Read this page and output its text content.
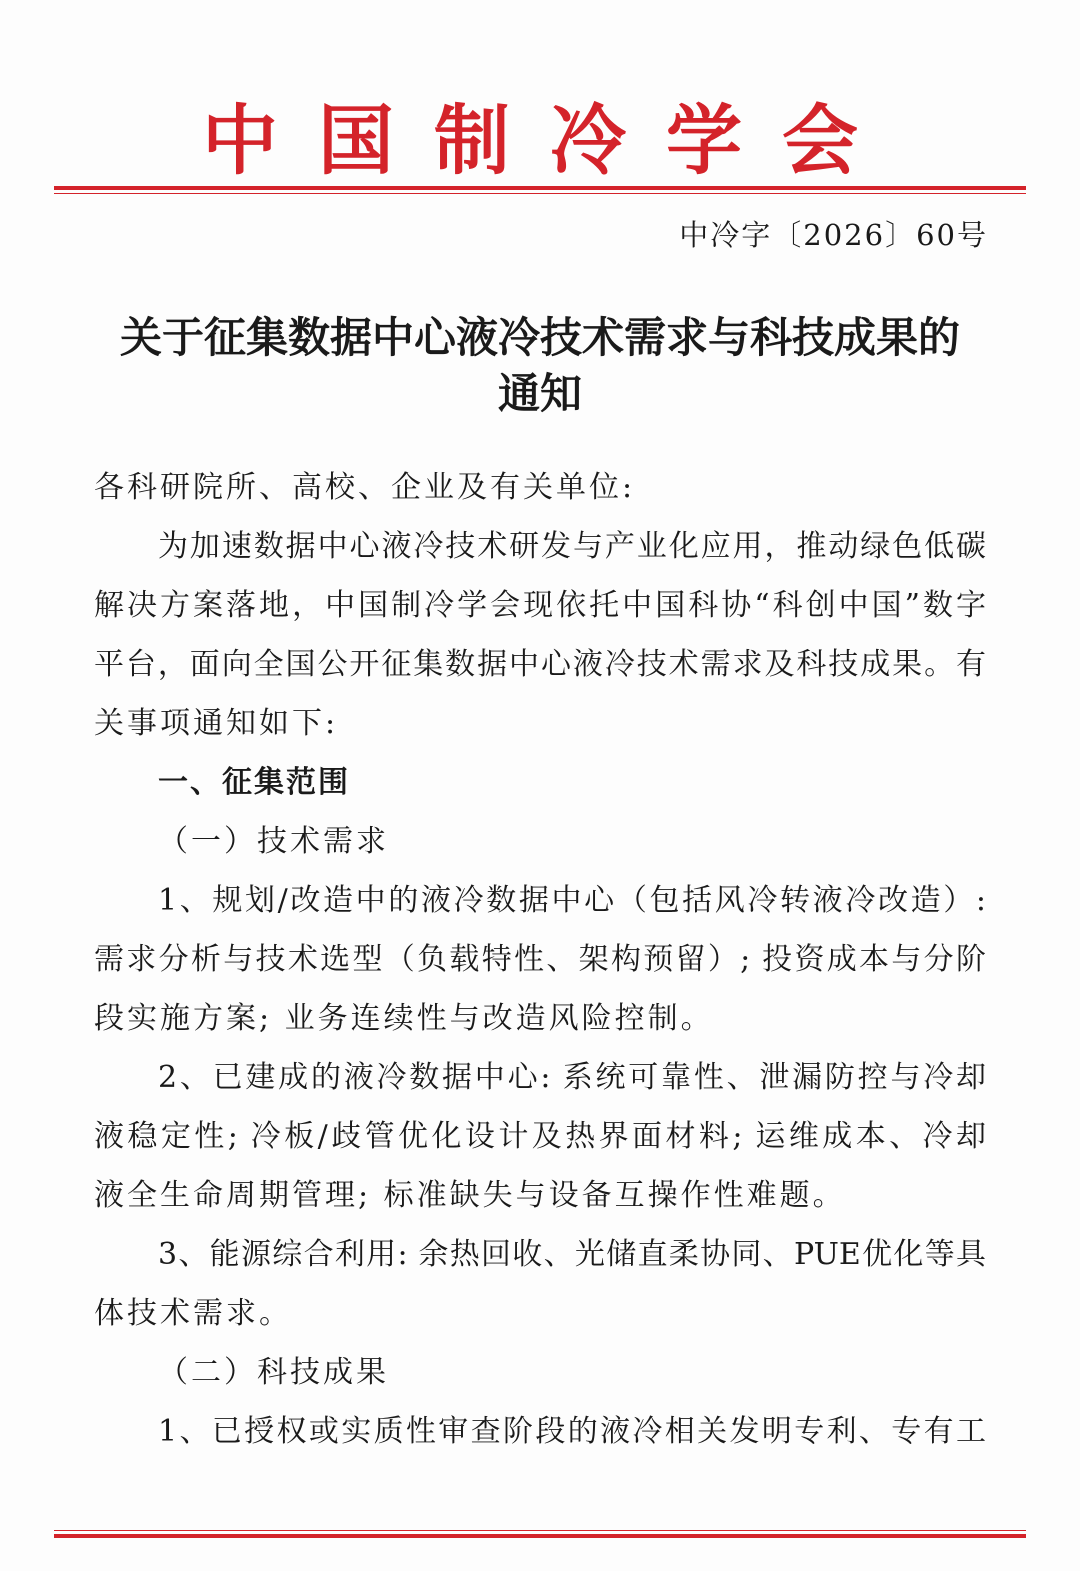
中国制冷学会
中冷字〔2026〕60号
关于征集数据中心液冷技术需求与科技成果的
通知
各科研院所、高校、企业及有关单位:
为加速数据中心液冷技术研发与产业化应用，推动绿色低碳
解决方案落地，中国制冷学会现依托中国科协“科创中国”数字
平台，面向全国公开征集数据中心液冷技术需求及科技成果。有
关事项通知如下:
一、征集范围
（一）技术需求
1、规划/改造中的液冷数据中心（包括风冷转液冷改造）:
需求分析与技术选型（负载特性、架构预留）; 投资成本与分阶
段实施方案; 业务连续性与改造风险控制。
2、已建成的液冷数据中心: 系统可靠性、泄漏防控与冷却
液稳定性; 冷板/歧管优化设计及热界面材料; 运维成本、冷却
液全生命周期管理; 标准缺失与设备互操作性难题。
3、能源综合利用: 余热回收、光储直柔协同、PUE优化等具
体技术需求。
（二）科技成果
1、已授权或实质性审查阶段的液冷相关发明专利、专有工
